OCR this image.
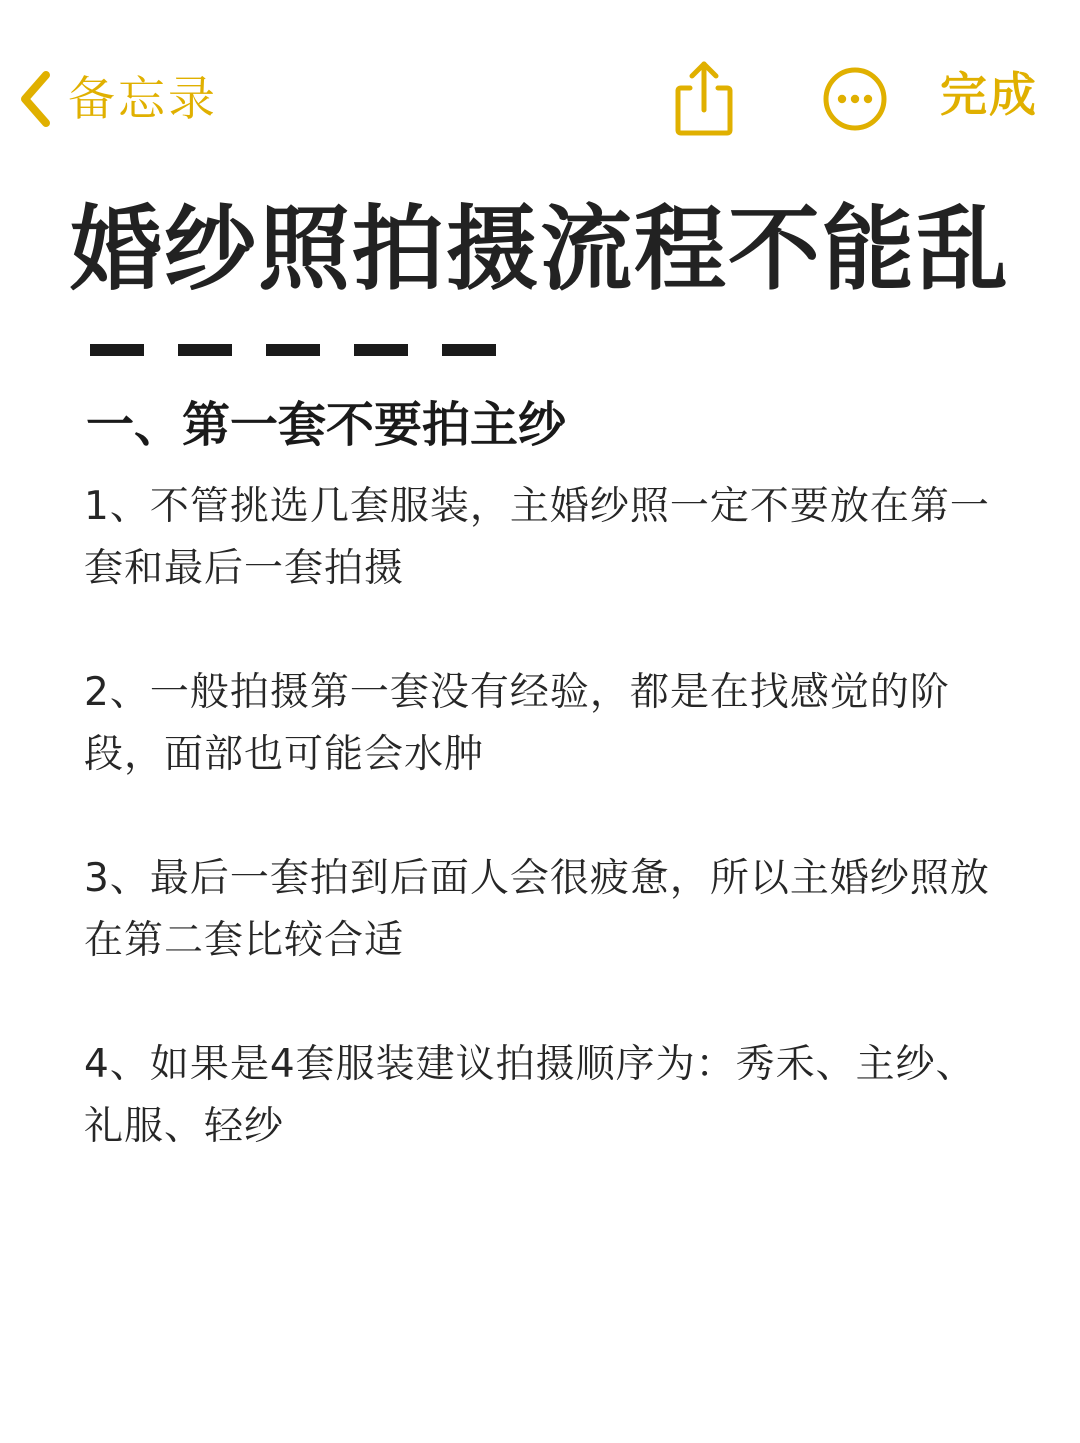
备忘录	完成
婚纱照拍摄流程不能乱
一、第一套不要拍主纱

1、不管挑选几套服装，主婚纱照一定不要放在第一套和最后一套拍摄

2、一般拍摄第一套没有经验，都是在找感觉的阶段，面部也可能会水肿

3、最后一套拍到后面人会很疲惫，所以主婚纱照放在第二套比较合适

4、如果是4套服装建议拍摄顺序为：秀禾、主纱、礼服、轻纱
